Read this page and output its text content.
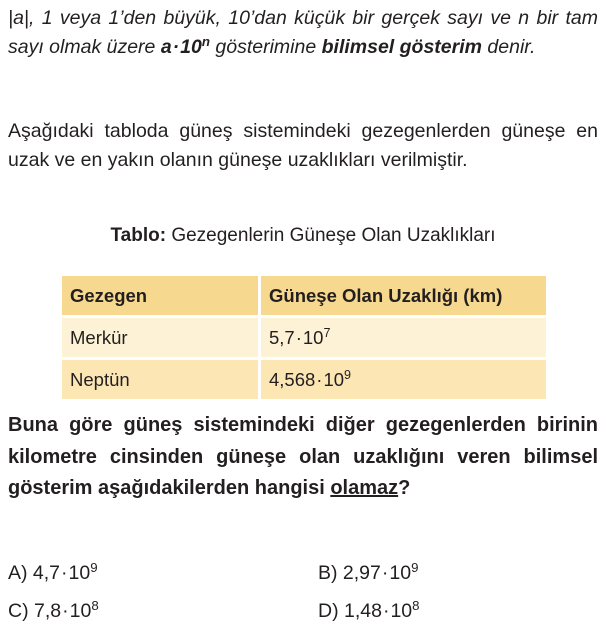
|a|, 1 veya 1’den büyük, 10’dan küçük bir gerçek sayı ve n bir tam sayı olmak üzere $a\cdot 10^n$ gösterimine bilimsel gösterim denir.
Aşağıdaki tabloda güneş sistemindeki gezegenlerden güneşe en uzak ve en yakın olanın güneşe uzaklıkları verilmiştir.
Tablo: Gezegenlerin Güneşe Olan Uzaklıkları
Gezegen	Güneşe Olan Uzaklığı (km)
Merkür	$5,7\cdot 10^7$
Neptün	$4,568\cdot 10^9$
Buna göre güneş sistemindeki diğer gezegenlerden birinin kilometre cinsinden güneşe olan uzaklığını veren bilimsel gösterim aşağıdakilerden hangisi olamaz?
A) $4,7\cdot 10^9$	B) $2,97\cdot 10^9$
C) $7,8\cdot 10^8$	D) $1,48\cdot 10^8$
